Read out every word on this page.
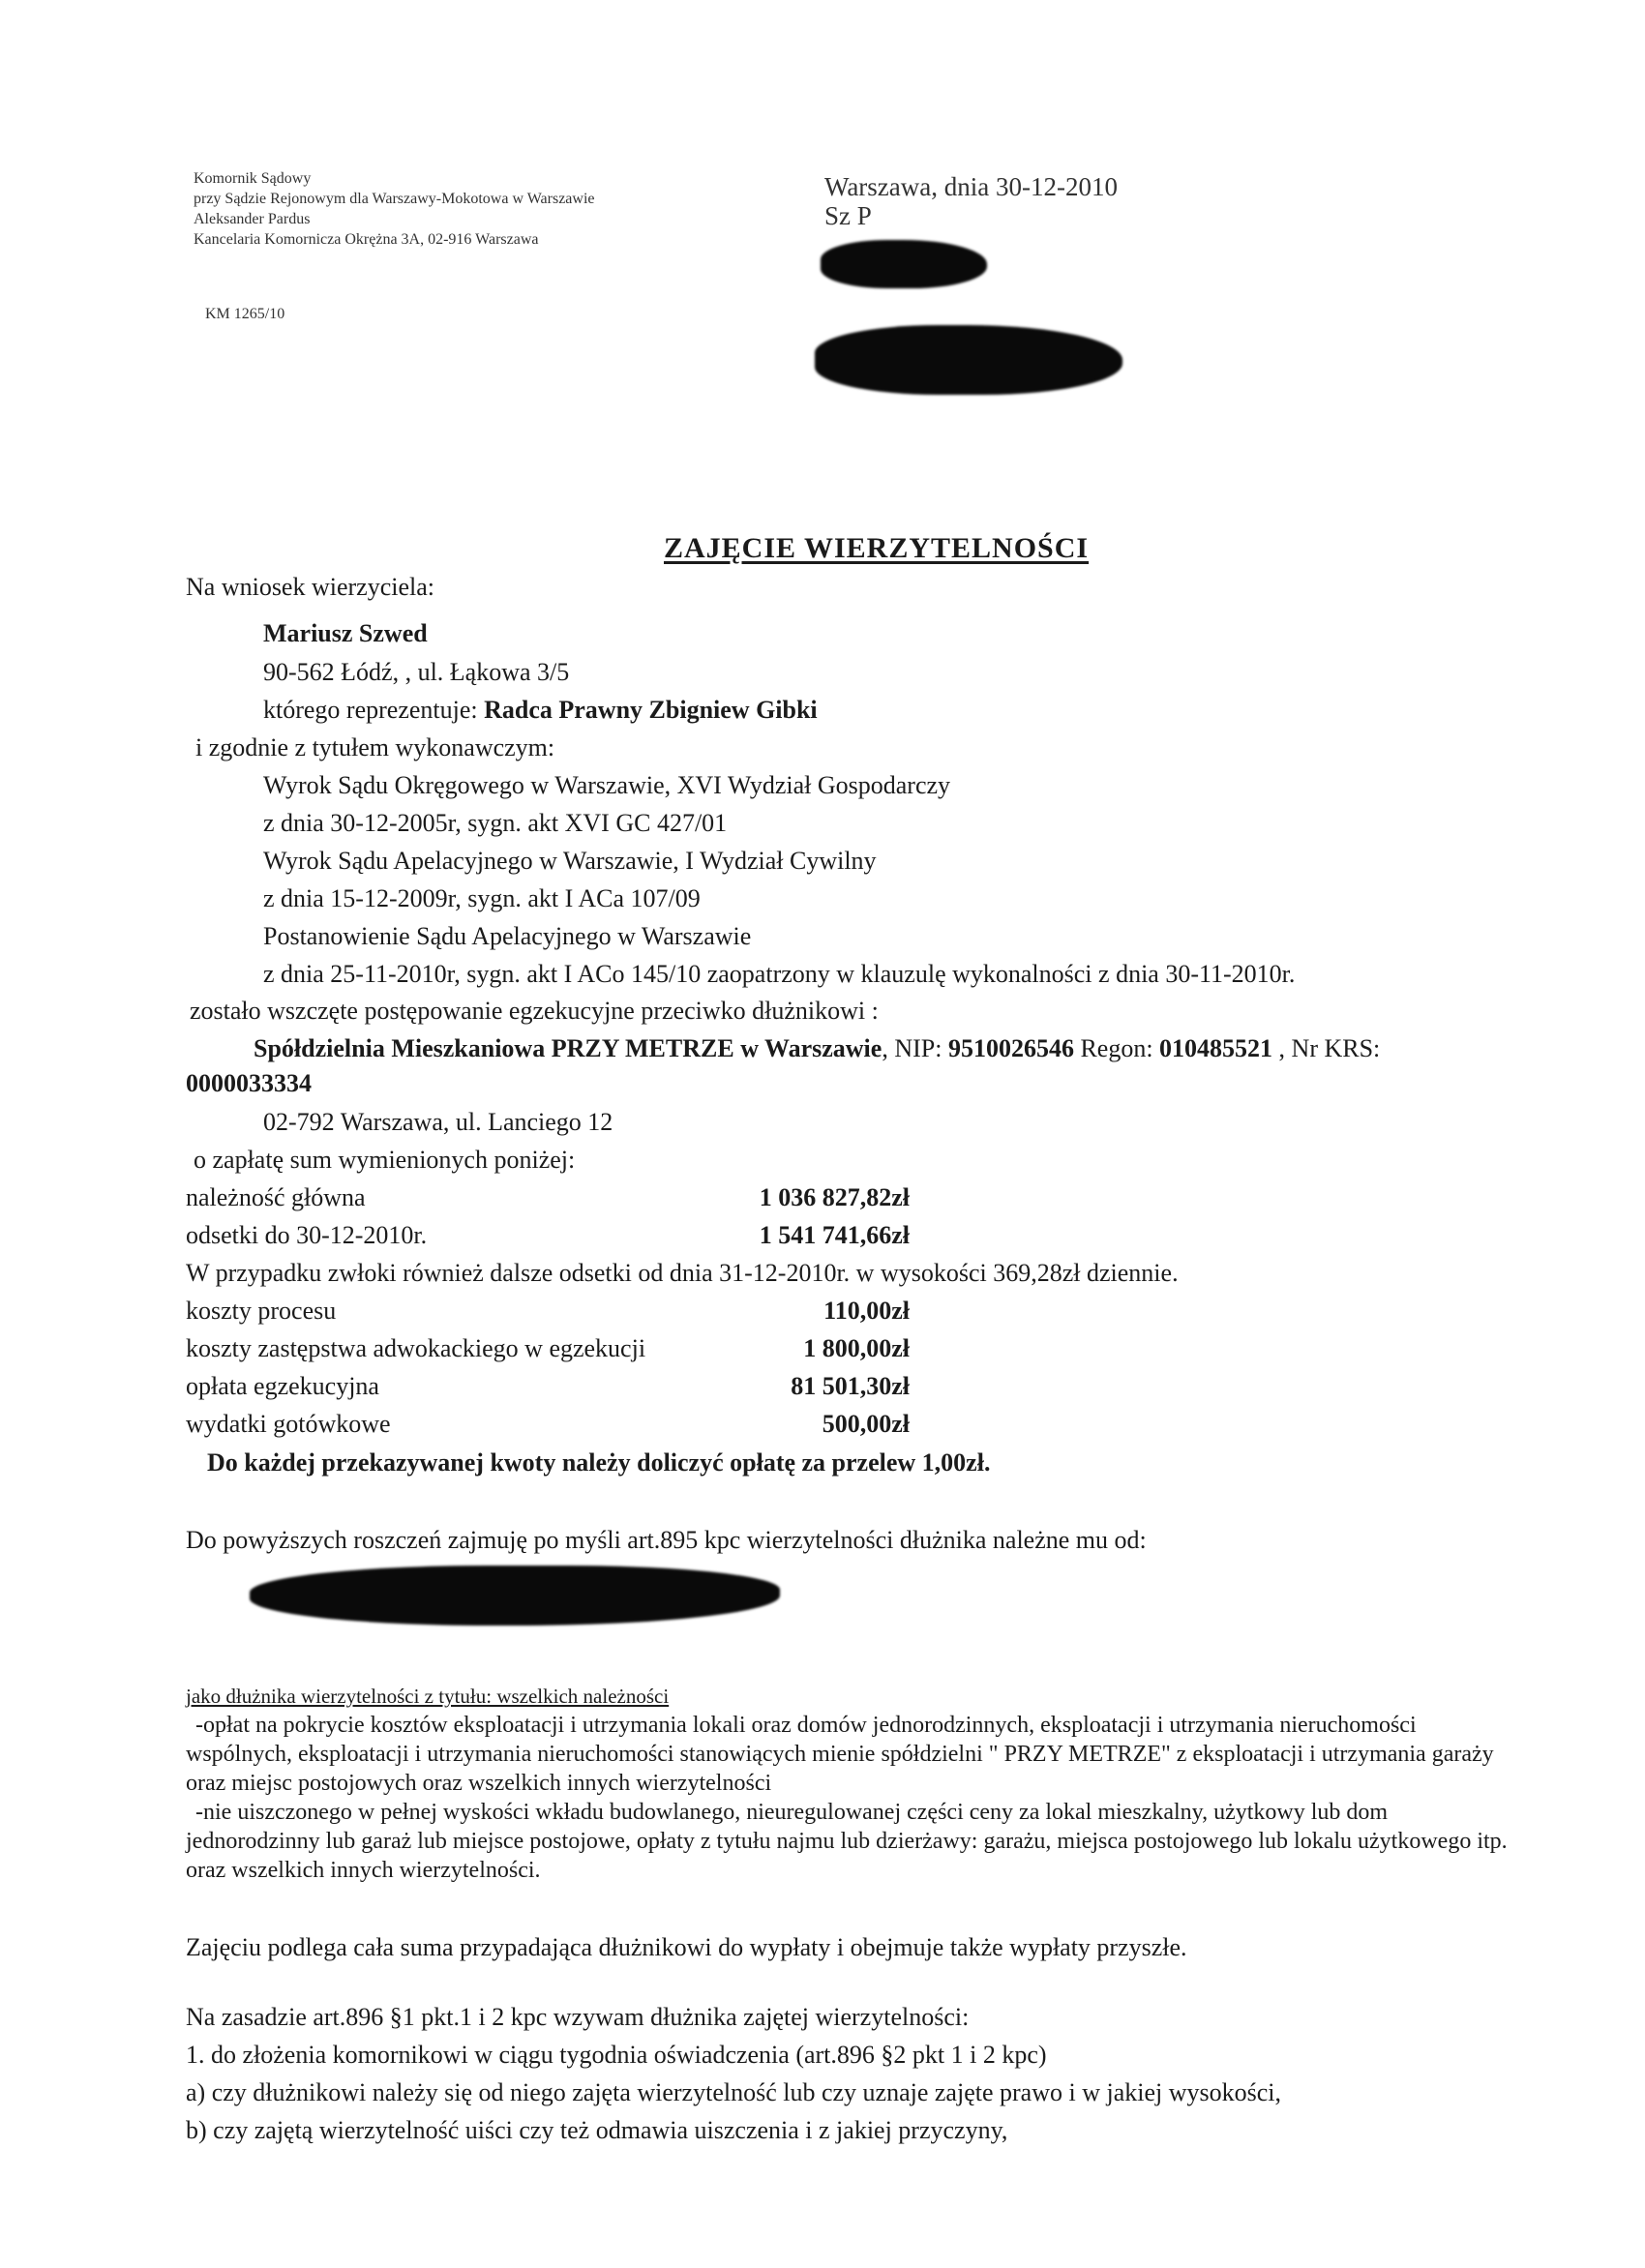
Komornik Sądowy
przy Sądzie Rejonowym dla Warszawy-Mokotowa w Warszawie
Aleksander Pardus
Kancelaria Komornicza Okrężna 3A, 02-916 Warszawa
Warszawa, dnia 30-12-2010
Sz P
KM 1265/10
ZAJĘCIE WIERZYTELNOŚCI
Na wniosek wierzyciela:
Mariusz Szwed
90-562 Łódź, , ul. Łąkowa 3/5
którego reprezentuje: Radca Prawny Zbigniew Gibki
i zgodnie z tytułem wykonawczym:
Wyrok Sądu Okręgowego w Warszawie, XVI Wydział Gospodarczy
z dnia 30-12-2005r, sygn. akt XVI GC 427/01
Wyrok Sądu Apelacyjnego w Warszawie, I Wydział Cywilny
z dnia 15-12-2009r, sygn. akt I ACa 107/09
Postanowienie Sądu Apelacyjnego w Warszawie
z dnia 25-11-2010r, sygn. akt I ACo 145/10 zaopatrzony w klauzulę wykonalności z dnia 30-11-2010r.
zostało wszczęte postępowanie egzekucyjne przeciwko dłużnikowi :
Spółdzielnia Mieszkaniowa PRZY METRZE w Warszawie, NIP: 9510026546 Regon: 010485521 , Nr KRS:
0000033334
02-792 Warszawa, ul. Lanciego 12
o zapłatę sum wymienionych poniżej:
należność główna	1 036 827,82zł
odsetki do 30-12-2010r.	1 541 741,66zł
W przypadku zwłoki również dalsze odsetki od dnia 31-12-2010r. w wysokości 369,28zł dziennie.
koszty procesu	110,00zł
koszty zastępstwa adwokackiego w egzekucji	1 800,00zł
opłata egzekucyjna	81 501,30zł
wydatki gotówkowe	500,00zł
Do każdej przekazywanej kwoty należy doliczyć opłatę za przelew 1,00zł.
Do powyższych roszczeń zajmuję po myśli art.895 kpc wierzytelności dłużnika należne mu od:
jako dłużnika wierzytelności z tytułu: wszelkich należności
-opłat na pokrycie kosztów eksploatacji i utrzymania lokali oraz domów jednorodzinnych, eksploatacji i utrzymania nieruchomości wspólnych, eksploatacji i utrzymania nieruchomości stanowiących mienie spółdzielni " PRZY METRZE" z eksploatacji i utrzymania garaży oraz miejsc postojowych oraz wszelkich innych wierzytelności
-nie uiszczonego w pełnej wyskości wkładu budowlanego, nieuregulowanej części ceny za lokal mieszkalny, użytkowy lub dom jednorodzinny lub garaż lub miejsce postojowe, opłaty z tytułu najmu lub dzierżawy: garażu, miejsca postojowego lub lokalu użytkowego itp. oraz wszelkich innych wierzytelności.
Zajęciu podlega cała suma przypadająca dłużnikowi do wypłaty i obejmuje także wypłaty przyszłe.
Na zasadzie art.896 §1 pkt.1 i 2 kpc wzywam dłużnika zajętej wierzytelności:
1. do złożenia komornikowi w ciągu tygodnia oświadczenia (art.896 §2 pkt 1 i 2 kpc)
a) czy dłużnikowi należy się od niego zajęta wierzytelność lub czy uznaje zajęte prawo i w jakiej wysokości,
b) czy zajętą wierzytelność uiści czy też odmawia uiszczenia i z jakiej przyczyny,
